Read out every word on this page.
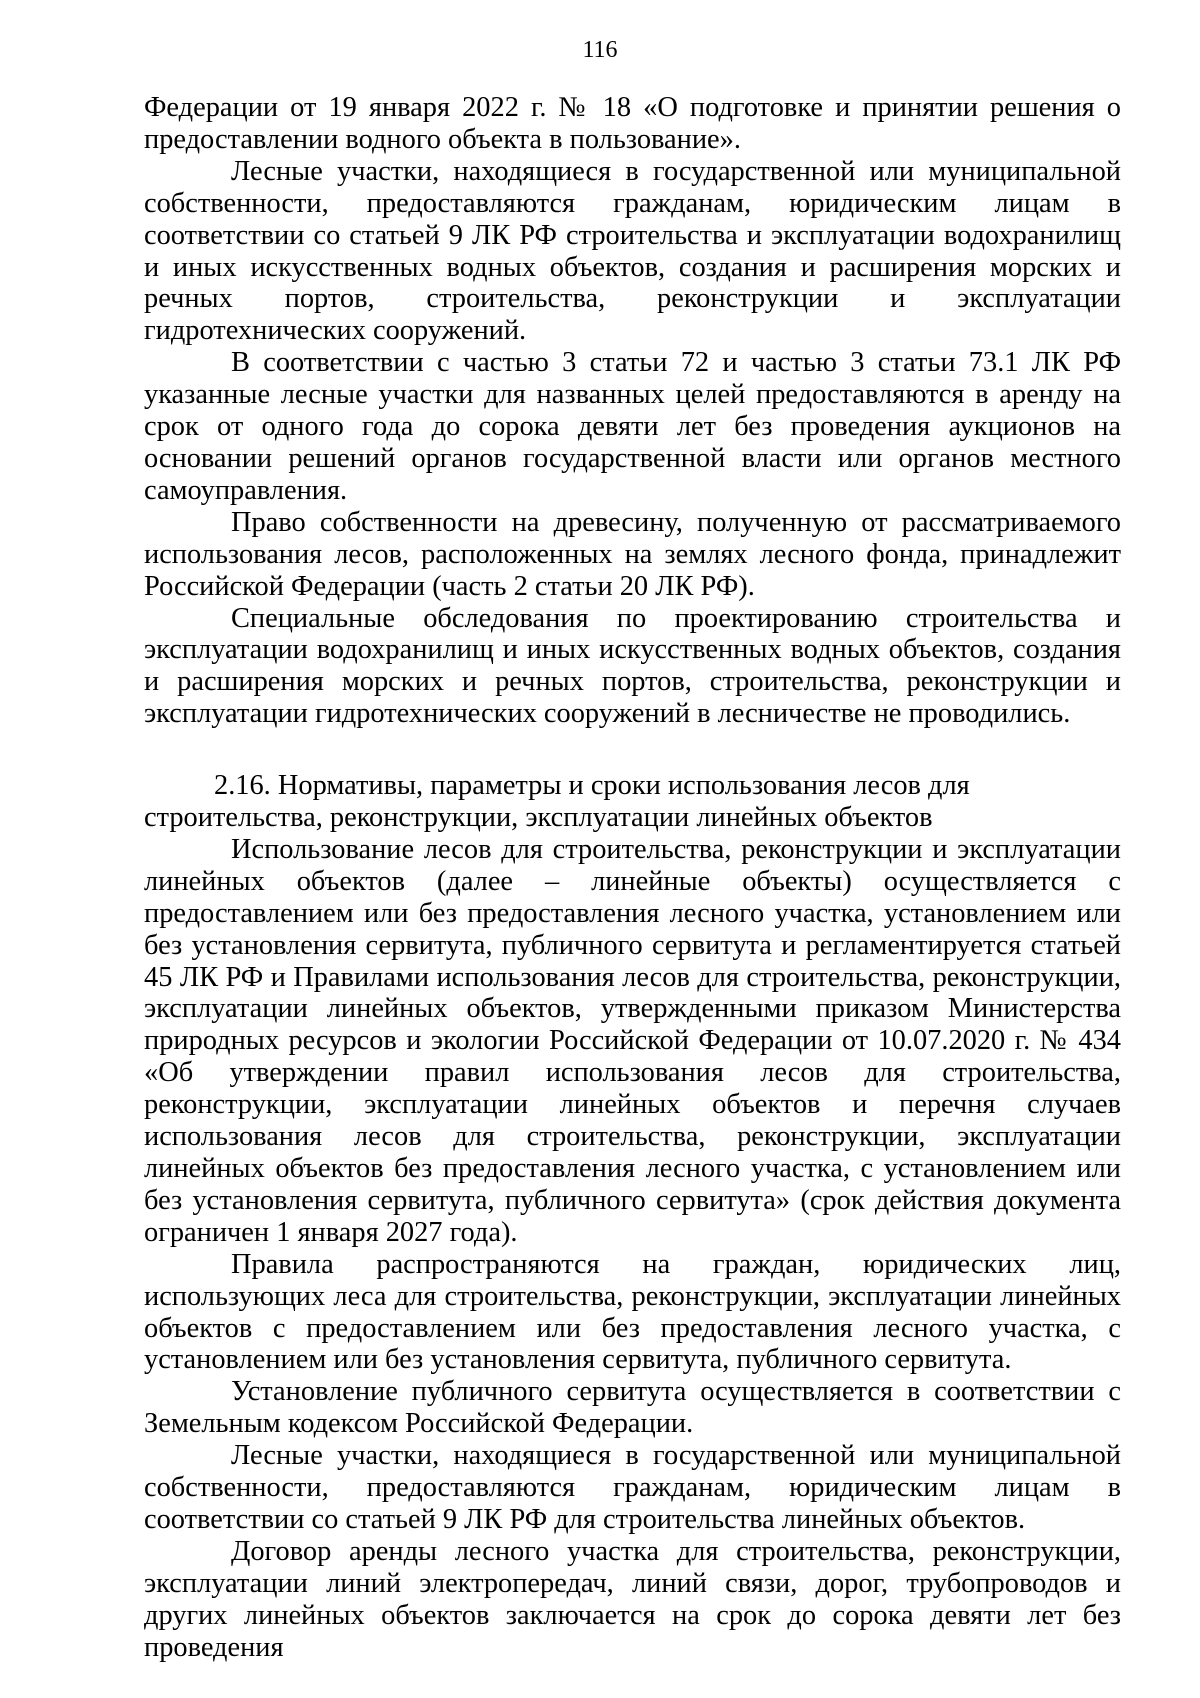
116

Федерации от 19 января 2022 г. № 18 «О подготовке и принятии решения о предоставлении водного объекта в пользование».

Лесные участки, находящиеся в государственной или муниципальной собственности, предоставляются гражданам, юридическим лицам в соответствии со статьей 9 ЛК РФ строительства и эксплуатации водохранилищ и иных искусственных водных объектов, создания и расширения морских и речных портов, строительства, реконструкции и эксплуатации гидротехнических сооружений.

В соответствии с частью 3 статьи 72 и частью 3 статьи 73.1 ЛК РФ указанные лесные участки для названных целей предоставляются в аренду на срок от одного года до сорока девяти лет без проведения аукционов на основании решений органов государственной власти или органов местного самоуправления.

Право собственности на древесину, полученную от рассматриваемого использования лесов, расположенных на землях лесного фонда, принадлежит Российской Федерации (часть 2 статьи 20 ЛК РФ).

Специальные обследования по проектированию строительства и эксплуатации водохранилищ и иных искусственных водных объектов, создания и расширения морских и речных портов, строительства, реконструкции и эксплуатации гидротехнических сооружений в лесничестве не проводились.

2.16. Нормативы, параметры и сроки использования лесов для строительства, реконструкции, эксплуатации линейных объектов

Использование лесов для строительства, реконструкции и эксплуатации линейных объектов (далее – линейные объекты) осуществляется с предоставлением или без предоставления лесного участка, установлением или без установления сервитута, публичного сервитута и регламентируется статьей 45 ЛК РФ и Правилами использования лесов для строительства, реконструкции, эксплуатации линейных объектов, утвержденными приказом Министерства природных ресурсов и экологии Российской Федерации от 10.07.2020 г. № 434 «Об утверждении правил использования лесов для строительства, реконструкции, эксплуатации линейных объектов и перечня случаев использования лесов для строительства, реконструкции, эксплуатации линейных объектов без предоставления лесного участка, с установлением или без установления сервитута, публичного сервитута» (срок действия документа ограничен 1 января 2027 года).

Правила распространяются на граждан, юридических лиц, использующих леса для строительства, реконструкции, эксплуатации линейных объектов с предоставлением или без предоставления лесного участка, с установлением или без установления сервитута, публичного сервитута.

Установление публичного сервитута осуществляется в соответствии с Земельным кодексом Российской Федерации.

Лесные участки, находящиеся в государственной или муниципальной собственности, предоставляются гражданам, юридическим лицам в соответствии со статьей 9 ЛК РФ для строительства линейных объектов.

Договор аренды лесного участка для строительства, реконструкции, эксплуатации линий электропередач, линий связи, дорог, трубопроводов и других линейных объектов заключается на срок до сорока девяти лет без проведения
